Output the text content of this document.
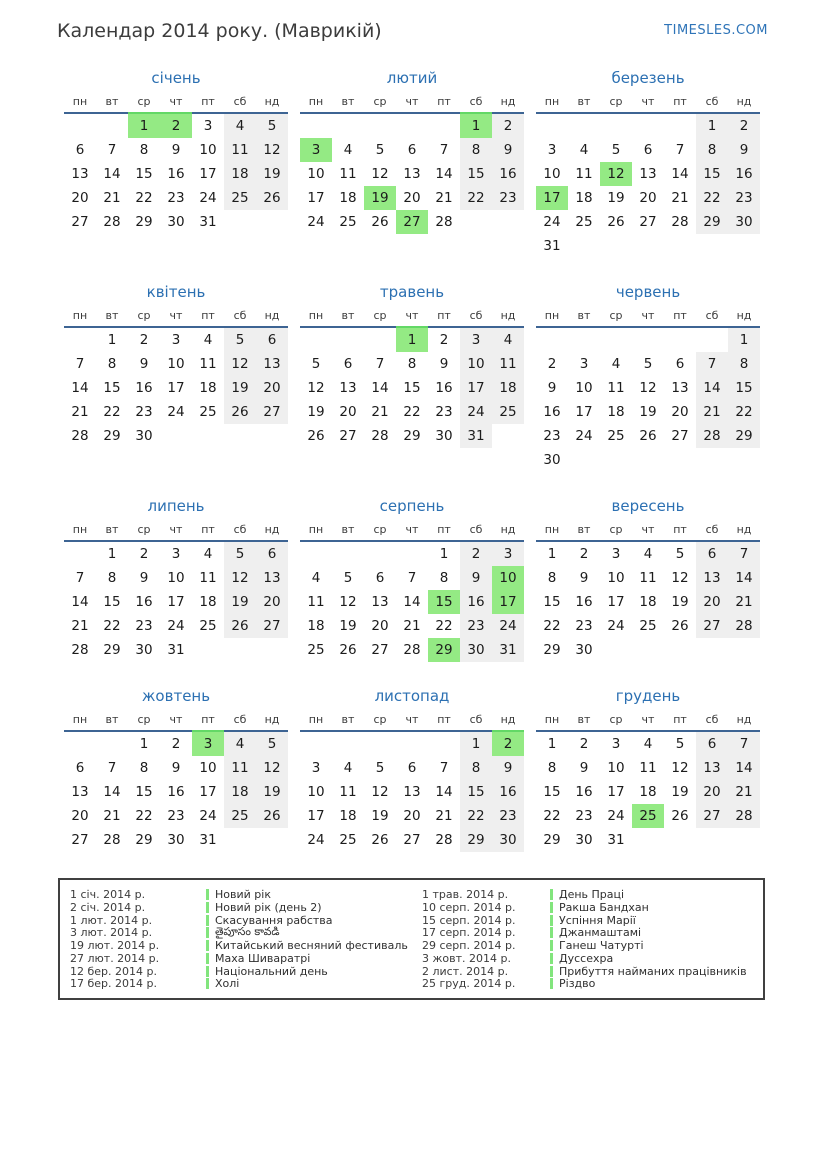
Календар 2014 року. (Маврикій)	TIMESLES.COM
січень
пн	вт	ср	чт	пт	сб	нд
		1	2	3	4	5
6	7	8	9	10	11	12
13	14	15	16	17	18	19
20	21	22	23	24	25	26
27	28	29	30	31		
лютий
пн	вт	ср	чт	пт	сб	нд
					1	2
3	4	5	6	7	8	9
10	11	12	13	14	15	16
17	18	19	20	21	22	23
24	25	26	27	28		
березень
пн	вт	ср	чт	пт	сб	нд
					1	2
3	4	5	6	7	8	9
10	11	12	13	14	15	16
17	18	19	20	21	22	23
24	25	26	27	28	29	30
31						
квітень
пн	вт	ср	чт	пт	сб	нд
	1	2	3	4	5	6
7	8	9	10	11	12	13
14	15	16	17	18	19	20
21	22	23	24	25	26	27
28	29	30				
травень
пн	вт	ср	чт	пт	сб	нд
			1	2	3	4
5	6	7	8	9	10	11
12	13	14	15	16	17	18
19	20	21	22	23	24	25
26	27	28	29	30	31	
червень
пн	вт	ср	чт	пт	сб	нд
						1
2	3	4	5	6	7	8
9	10	11	12	13	14	15
16	17	18	19	20	21	22
23	24	25	26	27	28	29
30						
липень
пн	вт	ср	чт	пт	сб	нд
	1	2	3	4	5	6
7	8	9	10	11	12	13
14	15	16	17	18	19	20
21	22	23	24	25	26	27
28	29	30	31			
серпень
пн	вт	ср	чт	пт	сб	нд
				1	2	3
4	5	6	7	8	9	10
11	12	13	14	15	16	17
18	19	20	21	22	23	24
25	26	27	28	29	30	31
вересень
пн	вт	ср	чт	пт	сб	нд
1	2	3	4	5	6	7
8	9	10	11	12	13	14
15	16	17	18	19	20	21
22	23	24	25	26	27	28
29	30					
жовтень
пн	вт	ср	чт	пт	сб	нд
		1	2	3	4	5
6	7	8	9	10	11	12
13	14	15	16	17	18	19
20	21	22	23	24	25	26
27	28	29	30	31		
листопад
пн	вт	ср	чт	пт	сб	нд
					1	2
3	4	5	6	7	8	9
10	11	12	13	14	15	16
17	18	19	20	21	22	23
24	25	26	27	28	29	30
грудень
пн	вт	ср	чт	пт	сб	нд
1	2	3	4	5	6	7
8	9	10	11	12	13	14
15	16	17	18	19	20	21
22	23	24	25	26	27	28
29	30	31				
1 січ. 2014 р.	Новий рік
2 січ. 2014 р.	Новий рік (день 2)
1 лют. 2014 р.	Скасування рабства
3 лют. 2014 р.	తైపూసం కావడి
19 лют. 2014 р.	Китайський весняний фестиваль
27 лют. 2014 р.	Маха Шиваратрі
12 бер. 2014 р.	Національний день
17 бер. 2014 р.	Холі
1 трав. 2014 р.	День Праці
10 серп. 2014 р.	Ракша Бандхан
15 серп. 2014 р.	Успіння Марії
17 серп. 2014 р.	Джанмаштамі
29 серп. 2014 р.	Ганеш Чатурті
3 жовт. 2014 р.	Дуссехра
2 лист. 2014 р.	Прибуття найманих працівників
25 груд. 2014 р.	Різдво
